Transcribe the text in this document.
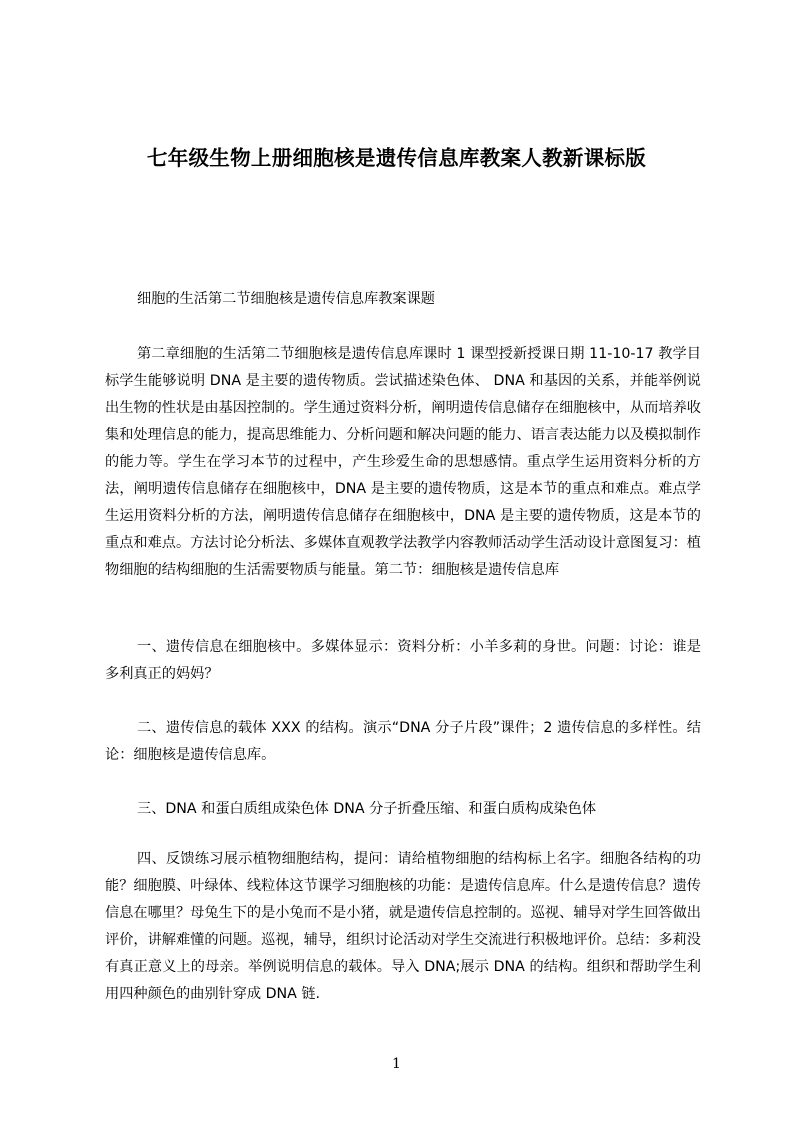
七年级生物上册细胞核是遗传信息库教案人教新课标版

细胞的生活第二节细胞核是遗传信息库教案课题

第二章细胞的生活第二节细胞核是遗传信息库课时 1 课型授新授课日期 11-10-17 教学目标学生能够说明 DNA 是主要的遗传物质。尝试描述染色体、 DNA 和基因的关系，并能举例说出生物的性状是由基因控制的。学生通过资料分析，阐明遗传信息储存在细胞核中，从而培养收集和处理信息的能力，提高思维能力、分析问题和解决问题的能力、语言表达能力以及模拟制作的能力等。学生在学习本节的过程中，产生珍爱生命的思想感情。重点学生运用资料分析的方法，阐明遗传信息储存在细胞核中，DNA 是主要的遗传物质，这是本节的重点和难点。难点学生运用资料分析的方法，阐明遗传信息储存在细胞核中，DNA 是主要的遗传物质，这是本节的重点和难点。方法讨论分析法、多媒体直观教学法教学内容教师活动学生活动设计意图复习：植物细胞的结构细胞的生活需要物质与能量。第二节：细胞核是遗传信息库

一、遗传信息在细胞核中。多媒体显示：资料分析：小羊多莉的身世。问题：讨论：谁是多利真正的妈妈？

二、遗传信息的载体 XXX 的结构。演示“DNA 分子片段”课件；2 遗传信息的多样性。结论：细胞核是遗传信息库。

三、DNA 和蛋白质组成染色体 DNA 分子折叠压缩、和蛋白质构成染色体

四、反馈练习展示植物细胞结构，提问：请给植物细胞的结构标上名字。细胞各结构的功能？细胞膜、叶绿体、线粒体这节课学习细胞核的功能：是遗传信息库。什么是遗传信息？遗传信息在哪里？母兔生下的是小兔而不是小猪，就是遗传信息控制的。巡视、辅导对学生回答做出评价，讲解难懂的问题。巡视，辅导，组织讨论活动对学生交流进行积极地评价。总结：多莉没有真正意义上的母亲。举例说明信息的载体。导入 DNA;展示 DNA 的结构。组织和帮助学生利用四种颜色的曲别针穿成 DNA 链.

1
